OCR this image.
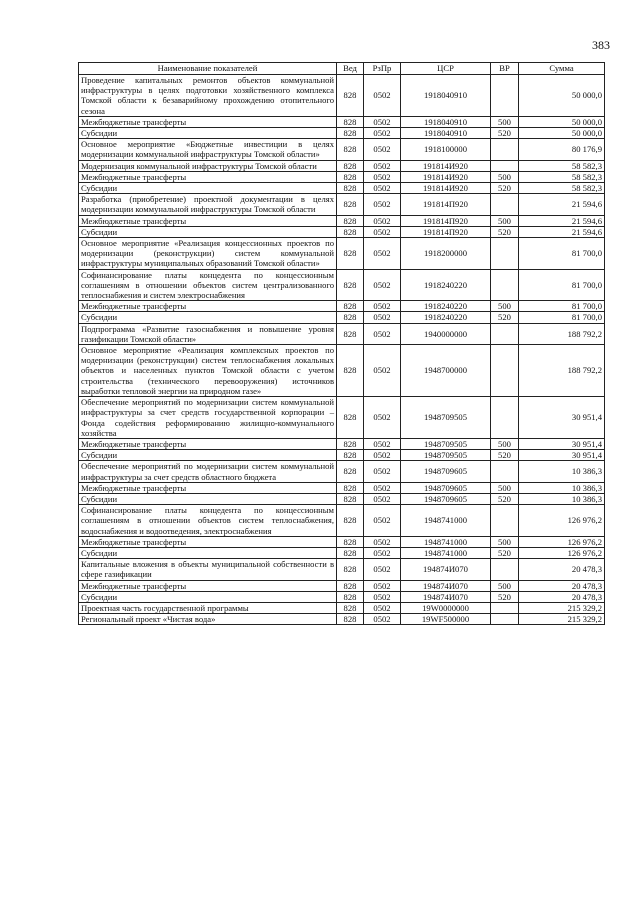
383
Наименование показателей	Вед	РзПр	ЦСР	ВР	Сумма
Проведение капитальных ремонтов объектов коммунальной инфраструктуры в целях подготовки хозяйственного комплекса Томской области к безаварийному прохождению отопительного сезона	828	0502	1918040910		50 000,0
Межбюджетные трансферты	828	0502	1918040910	500	50 000,0
Субсидии	828	0502	1918040910	520	50 000,0
Основное мероприятие «Бюджетные инвестиции в целях модернизации коммунальной инфраструктуры Томской области»	828	0502	1918100000		80 176,9
Модернизация коммунальной инфраструктуры Томской области	828	0502	191814И920		58 582,3
Межбюджетные трансферты	828	0502	191814И920	500	58 582,3
Субсидии	828	0502	191814И920	520	58 582,3
Разработка (приобретение) проектной документации в целях модернизации коммунальной инфраструктуры Томской области	828	0502	191814П920		21 594,6
Межбюджетные трансферты	828	0502	191814П920	500	21 594,6
Субсидии	828	0502	191814П920	520	21 594,6
Основное мероприятие «Реализация концессионных проектов по модернизации (реконструкции) систем коммунальной инфраструктуры муниципальных образований Томской области»	828	0502	1918200000		81 700,0
Софинансирование платы концедента по концессионным соглашениям в отношении объектов систем централизованного теплоснабжения и систем электроснабжения	828	0502	1918240220		81 700,0
Межбюджетные трансферты	828	0502	1918240220	500	81 700,0
Субсидии	828	0502	1918240220	520	81 700,0
Подпрограмма «Развитие газоснабжения и повышение уровня газификации Томской области»	828	0502	1940000000		188 792,2
Основное мероприятие «Реализация комплексных проектов по модернизации (реконструкции) систем теплоснабжения локальных объектов и населенных пунктов Томской области с учетом строительства (технического перевооружения) источников выработки тепловой энергии на природном газе»	828	0502	1948700000		188 792,2
Обеспечение мероприятий по модернизации систем коммунальной инфраструктуры за счет средств государственной корпорации – Фонда содействия реформированию жилищно-коммунального хозяйства	828	0502	1948709505		30 951,4
Межбюджетные трансферты	828	0502	1948709505	500	30 951,4
Субсидии	828	0502	1948709505	520	30 951,4
Обеспечение мероприятий по модернизации систем коммунальной инфраструктуры за счет средств областного бюджета	828	0502	1948709605		10 386,3
Межбюджетные трансферты	828	0502	1948709605	500	10 386,3
Субсидии	828	0502	1948709605	520	10 386,3
Софинансирование платы концедента по концессионным соглашениям в отношении объектов систем теплоснабжения, водоснабжения и водоотведения, электроснабжения	828	0502	1948741000		126 976,2
Межбюджетные трансферты	828	0502	1948741000	500	126 976,2
Субсидии	828	0502	1948741000	520	126 976,2
Капитальные вложения в объекты муниципальной собственности в сфере газификации	828	0502	194874И070		20 478,3
Межбюджетные трансферты	828	0502	194874И070	500	20 478,3
Субсидии	828	0502	194874И070	520	20 478,3
Проектная часть государственной программы	828	0502	19W0000000		215 329,2
Региональный проект «Чистая вода»	828	0502	19WF500000		215 329,2
